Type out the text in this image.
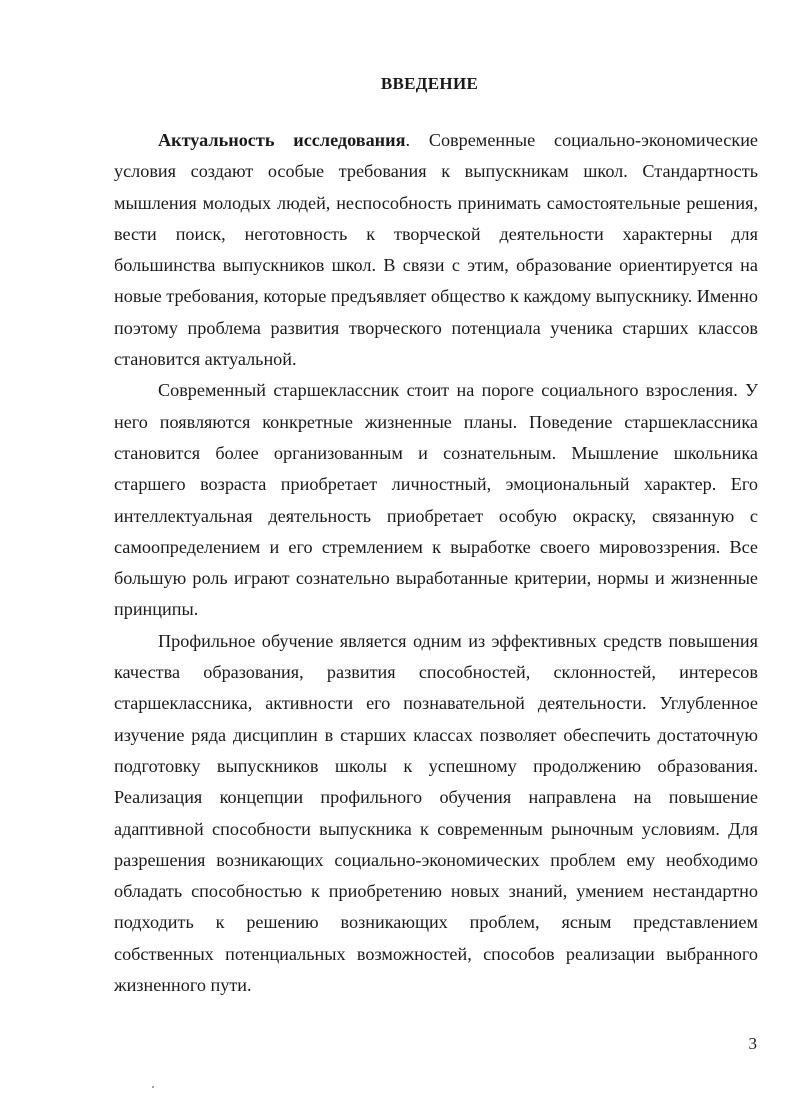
ВВЕДЕНИЕ

Актуальность исследования. Современные социально-экономические условия создают особые требования к выпускникам школ. Стандартность мышления молодых людей, неспособность принимать самостоятельные решения, вести поиск, неготовность к творческой деятельности характерны для большинства выпускников школ. В связи с этим, образование ориентируется на новые требования, которые предъявляет общество к каждому выпускнику. Именно поэтому проблема развития творческого потенциала ученика старших классов становится актуальной.

Современный старшеклассник стоит на пороге социального взросления. У него появляются конкретные жизненные планы. Поведение старшеклассника становится более организованным и сознательным. Мышление школьника старшего возраста приобретает личностный, эмоциональный характер. Его интеллектуальная деятельность приобретает особую окраску, связанную с самоопределением и его стремлением к выработке своего мировоззрения. Все большую роль играют сознательно выработанные критерии, нормы и жизненные принципы.

Профильное обучение является одним из эффективных средств повышения качества образования, развития способностей, склонностей, интересов старшеклассника, активности его познавательной деятельности. Углубленное изучение ряда дисциплин в старших классах позволяет обеспечить достаточную подготовку выпускников школы к успешному продолжению образования. Реализация концепции профильного обучения направлена на повышение адаптивной способности выпускника к современным рыночным условиям. Для разрешения возникающих социально-экономических проблем ему необходимо обладать способностью к приобретению новых знаний, умением нестандартно подходить к решению возникающих проблем, ясным представлением собственных потенциальных возможностей, способов реализации выбранного жизненного пути.

3
